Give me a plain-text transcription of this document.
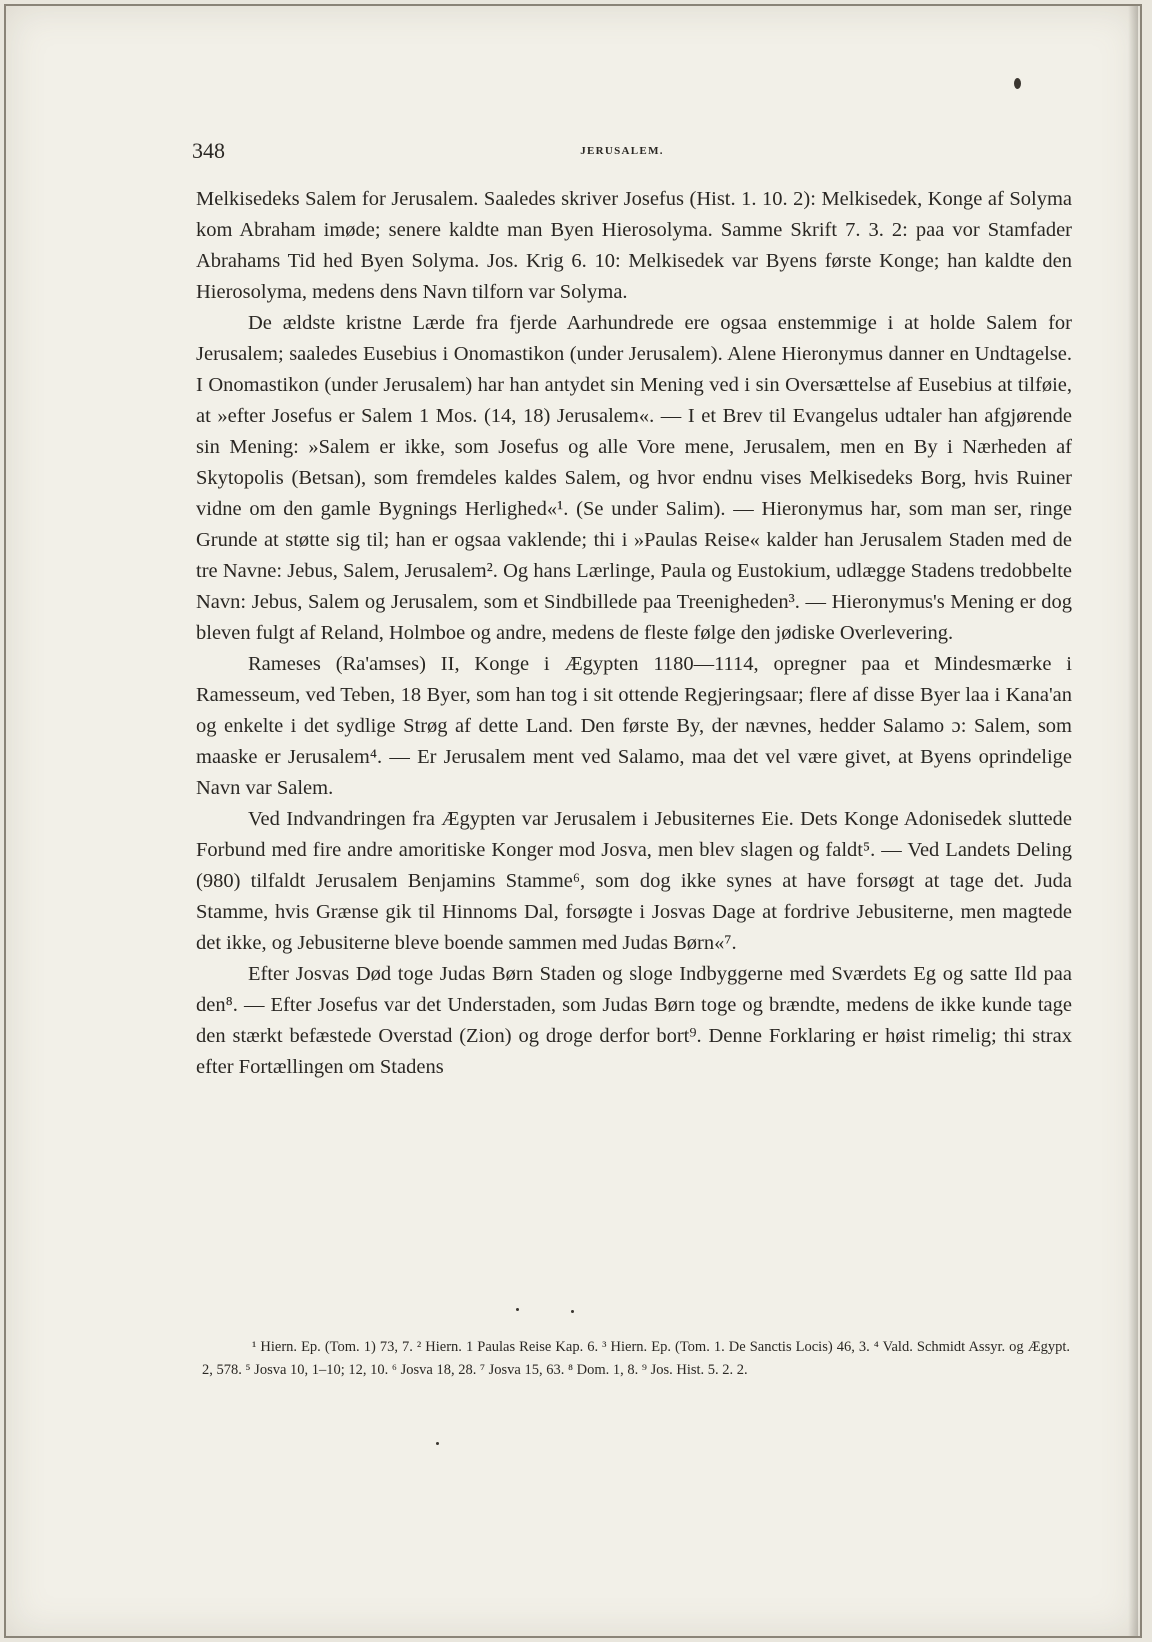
348	JERUSALEM.

Melkisedeks Salem for Jerusalem. Saaledes skriver Josefus (Hist. 1. 10. 2): Melkisedek, Konge af Solyma kom Abraham imøde; senere kaldte man Byen Hierosolyma. Samme Skrift 7. 3. 2: paa vor Stamfader Abrahams Tid hed Byen Solyma. Jos. Krig 6. 10: Melkisedek var Byens første Konge; han kaldte den Hierosolyma, medens dens Navn tilforn var Solyma.

De ældste kristne Lærde fra fjerde Aarhundrede ere ogsaa enstemmige i at holde Salem for Jerusalem; saaledes Eusebius i Onomastikon (under Jerusalem). Alene Hieronymus danner en Undtagelse. I Onomastikon (under Jerusalem) har han antydet sin Mening ved i sin Oversættelse af Eusebius at tilføie, at »efter Josefus er Salem 1 Mos. (14, 18) Jerusalem«. — I et Brev til Evangelus udtaler han afgjørende sin Mening: »Salem er ikke, som Josefus og alle Vore mene, Jerusalem, men en By i Nærheden af Skytopolis (Betsan), som fremdeles kaldes Salem, og hvor endnu vises Melkisedeks Borg, hvis Ruiner vidne om den gamle Bygnings Herlighed«¹. (Se under Salim). — Hieronymus har, som man ser, ringe Grunde at støtte sig til; han er ogsaa vaklende; thi i »Paulas Reise« kalder han Jerusalem Staden med de tre Navne: Jebus, Salem, Jerusalem². Og hans Lærlinge, Paula og Eustokium, udlægge Stadens tredobbelte Navn: Jebus, Salem og Jerusalem, som et Sindbillede paa Treenigheden³. — Hieronymus's Mening er dog bleven fulgt af Reland, Holmboe og andre, medens de fleste følge den jødiske Overlevering.

Rameses (Ra'amses) II, Konge i Ægypten 1180—1114, opregner paa et Mindesmærke i Ramesseum, ved Teben, 18 Byer, som han tog i sit ottende Regjeringsaar; flere af disse Byer laa i Kana'an og enkelte i det sydlige Strøg af dette Land. Den første By, der nævnes, hedder Salamo ɔ: Salem, som maaske er Jerusalem⁴. — Er Jerusalem ment ved Salamo, maa det vel være givet, at Byens oprindelige Navn var Salem.

Ved Indvandringen fra Ægypten var Jerusalem i Jebusiternes Eie. Dets Konge Adonisedek sluttede Forbund med fire andre amoritiske Konger mod Josva, men blev slagen og faldt⁵. — Ved Landets Deling (980) tilfaldt Jerusalem Benjamins Stamme⁶, som dog ikke synes at have forsøgt at tage det. Juda Stamme, hvis Grænse gik til Hinnoms Dal, forsøgte i Josvas Dage at fordrive Jebusiterne, men magtede det ikke, og Jebusiterne bleve boende sammen med Judas Børn«⁷.

Efter Josvas Død toge Judas Børn Staden og sloge Indbyggerne med Sværdets Eg og satte Ild paa den⁸. — Efter Josefus var det Understaden, som Judas Børn toge og brændte, medens de ikke kunde tage den stærkt befæstede Overstad (Zion) og droge derfor bort⁹. Denne Forklaring er høist rimelig; thi strax efter Fortællingen om Stadens

¹ Hiern. Ep. (Tom. 1) 73, 7. ² Hiern. 1 Paulas Reise Kap. 6. ³ Hiern. Ep. (Tom. 1. De Sanctis Locis) 46, 3. ⁴ Vald. Schmidt Assyr. og Ægypt. 2, 578. ⁵ Josva 10, 1–10; 12, 10. ⁶ Josva 18, 28. ⁷ Josva 15, 63. ⁸ Dom. 1, 8. ⁹ Jos. Hist. 5. 2. 2.
